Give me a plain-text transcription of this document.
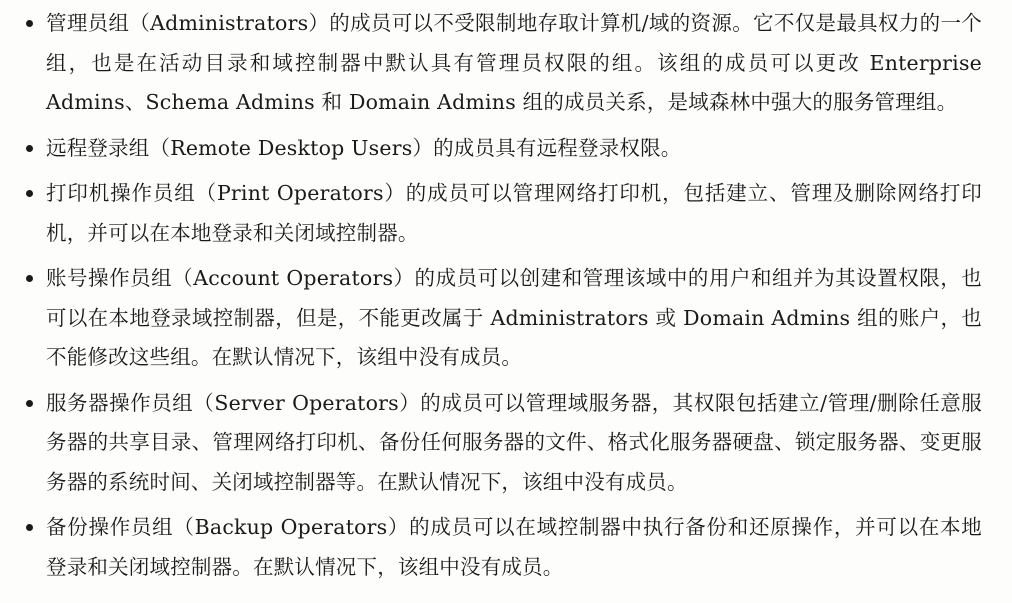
管理员组（Administrators）的成员可以不受限制地存取计算机/域的资源。它不仅是最具权力的一个组，也是在活动目录和域控制器中默认具有管理员权限的组。该组的成员可以更改 Enterprise Admins、Schema Admins 和 Domain Admins 组的成员关系，是域森林中强大的服务管理组。
远程登录组（Remote Desktop Users）的成员具有远程登录权限。
打印机操作员组（Print Operators）的成员可以管理网络打印机，包括建立、管理及删除网络打印机，并可以在本地登录和关闭域控制器。
账号操作员组（Account Operators）的成员可以创建和管理该域中的用户和组并为其设置权限，也可以在本地登录域控制器，但是，不能更改属于 Administrators 或 Domain Admins 组的账户，也不能修改这些组。在默认情况下，该组中没有成员。
服务器操作员组（Server Operators）的成员可以管理域服务器，其权限包括建立/管理/删除任意服务器的共享目录、管理网络打印机、备份任何服务器的文件、格式化服务器硬盘、锁定服务器、变更服务器的系统时间、关闭域控制器等。在默认情况下，该组中没有成员。
备份操作员组（Backup Operators）的成员可以在域控制器中执行备份和还原操作，并可以在本地登录和关闭域控制器。在默认情况下，该组中没有成员。
